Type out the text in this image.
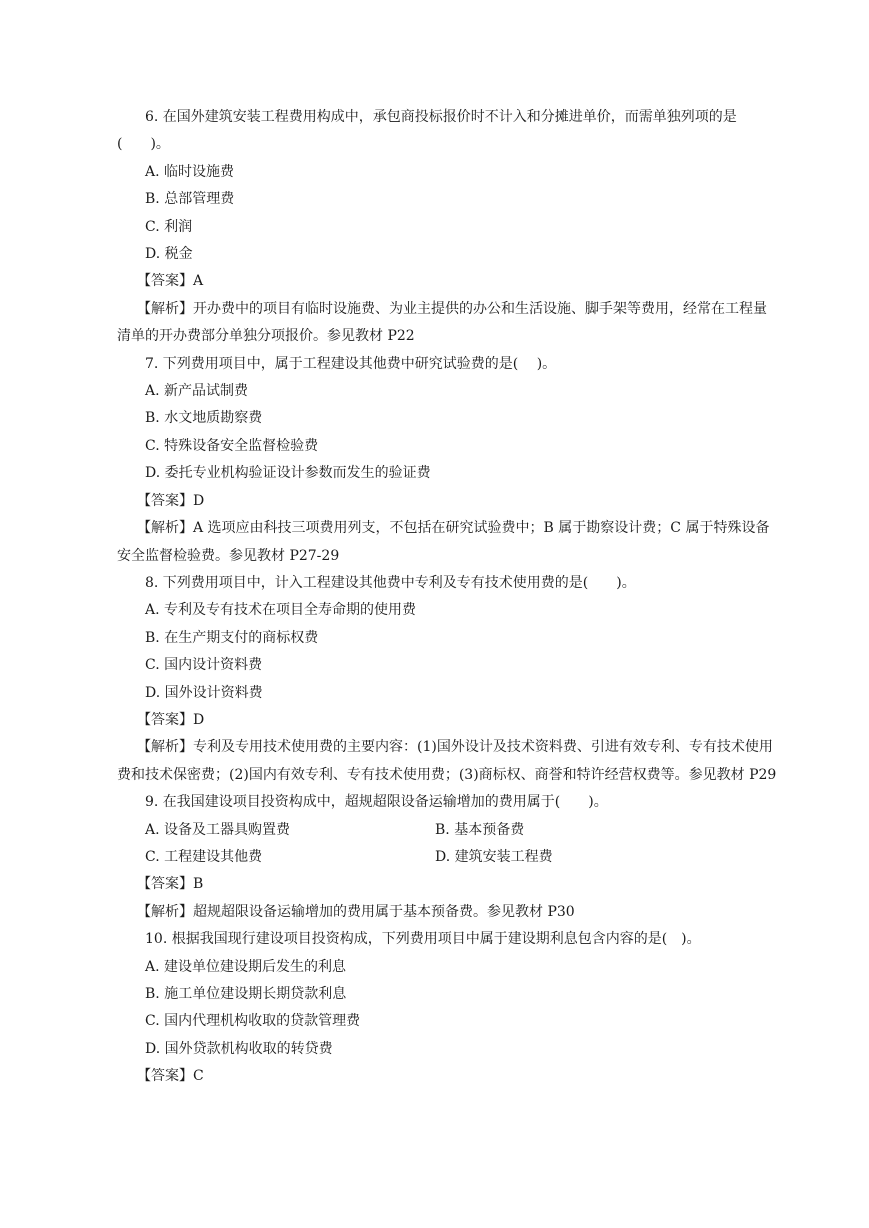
6. 在国外建筑安装工程费用构成中，承包商投标报价时不计入和分摊进单价，而需单独列项的是(　　)。

A. 临时设施费

B. 总部管理费

C. 利润

D. 税金

【答案】A

【解析】开办费中的项目有临时设施费、为业主提供的办公和生活设施、脚手架等费用，经常在工程量清单的开办费部分单独分项报价。参见教材 P22

7. 下列费用项目中，属于工程建设其他费中研究试验费的是(　 )。

A. 新产品试制费

B. 水文地质勘察费

C. 特殊设备安全监督检验费

D. 委托专业机构验证设计参数而发生的验证费

【答案】D

【解析】A 选项应由科技三项费用列支，不包括在研究试验费中；B 属于勘察设计费；C 属于特殊设备安全监督检验费。参见教材 P27-29

8. 下列费用项目中，计入工程建设其他费中专利及专有技术使用费的是(　　)。

A. 专利及专有技术在项目全寿命期的使用费

B. 在生产期支付的商标权费

C. 国内设计资料费

D. 国外设计资料费

【答案】D

【解析】专利及专用技术使用费的主要内容：(1)国外设计及技术资料费、引进有效专利、专有技术使用费和技术保密费；(2)国内有效专利、专有技术使用费；(3)商标权、商誉和特许经营权费等。参见教材 P29

9. 在我国建设项目投资构成中，超规超限设备运输增加的费用属于(　　)。

A. 设备及工器具购置费	B. 基本预备费
C. 工程建设其他费	D. 建筑安装工程费

【答案】B

【解析】超规超限设备运输增加的费用属于基本预备费。参见教材 P30

10. 根据我国现行建设项目投资构成，下列费用项目中属于建设期利息包含内容的是(　)。

A. 建设单位建设期后发生的利息

B. 施工单位建设期长期贷款利息

C. 国内代理机构收取的贷款管理费

D. 国外贷款机构收取的转贷费

【答案】C
